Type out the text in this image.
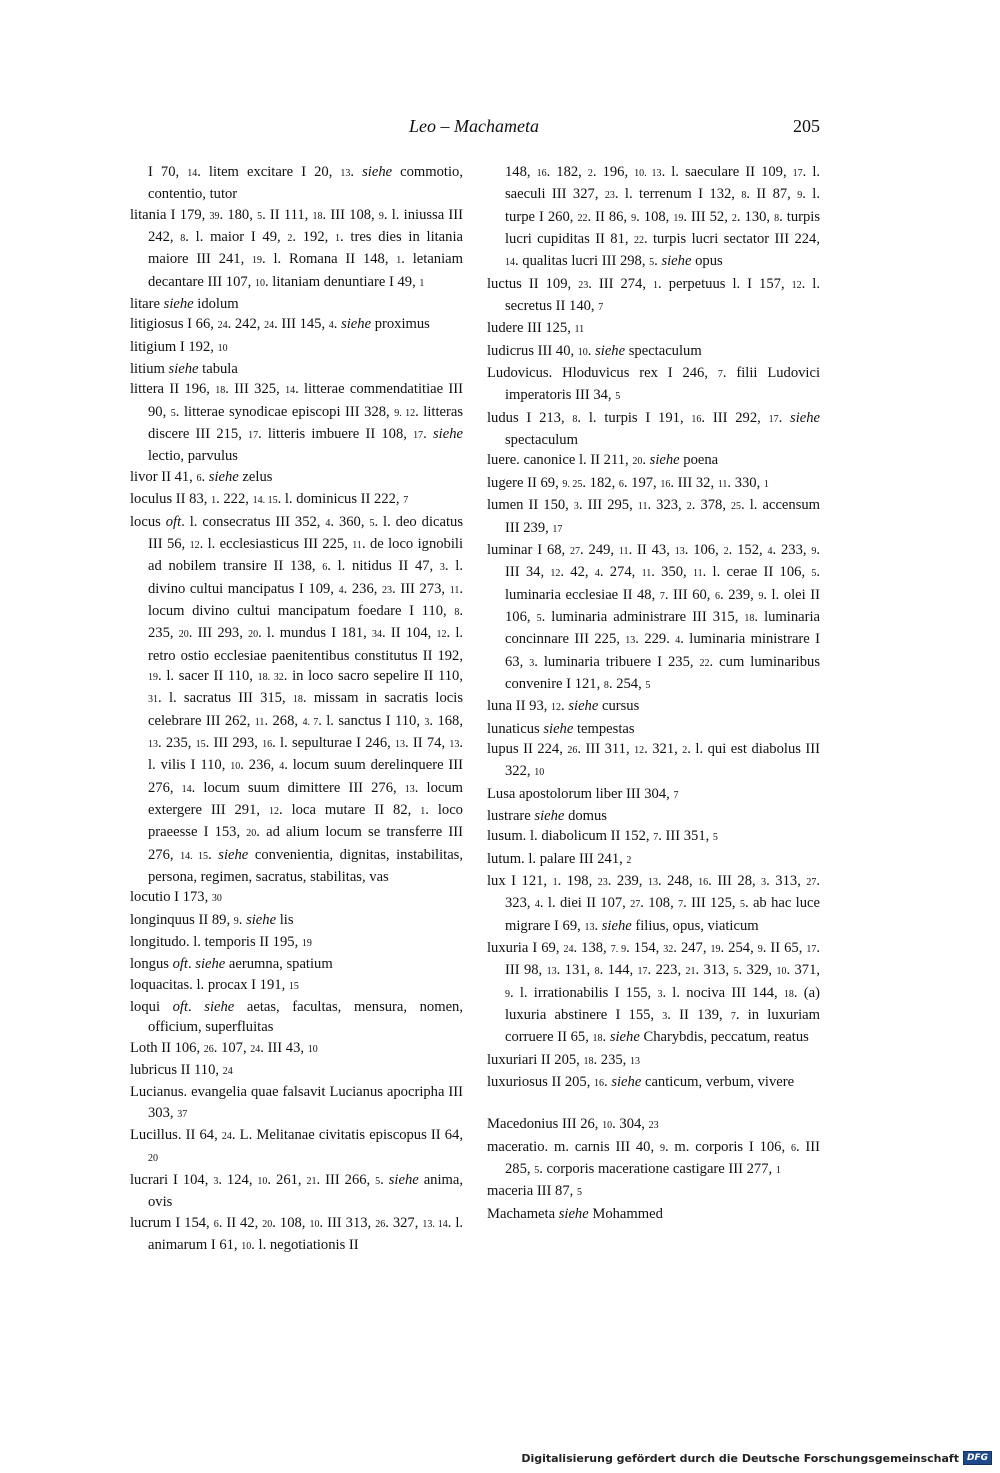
Leo – Machameta	205
I 70, 14. litem excitare I 20, 13. siehe commotio, contentio, tutor
litania I 179, 39. 180, 5. II 111, 18. III 108, 9. l. iniussa III 242, 8. l. maior I 49, 2. 192, 1. tres dies in litania maiore III 241, 19. l. Romana II 148, 1. letaniam decantare III 107, 10. litaniam denuntiare I 49, 1
litare siehe idolum
litigiosus I 66, 24. 242, 24. III 145, 4. siehe proximus
litigium I 192, 10
litium siehe tabula
littera II 196, 18. III 325, 14. litterae commendatitiae III 90, 5. litterae synodicae episcopi III 328, 9. 12. litteras discere III 215, 17. litteris imbuere II 108, 17. siehe lectio, parvulus
livor II 41, 6. siehe zelus
loculus II 83, 1. 222, 14. 15. l. dominicus II 222, 7
locus oft. l. consecratus III 352, 4. 360, 5. l. deo dicatus III 56, 12. l. ecclesiasticus III 225, 11. de loco ignobili ad nobilem transire II 138, 6. l. nitidus II 47, 3. l. divino cultui mancipatus I 109, 4. 236, 23. III 273, 11. locum divino cultui mancipatum foedare I 110, 8. 235, 20. III 293, 20. l. mundus I 181, 34. II 104, 12. l. retro ostio ecclesiae paenitentibus constitutus II 192, 19. l. sacer II 110, 18. 32. in loco sacro sepelire II 110, 31. l. sacratus III 315, 18. missam in sacratis locis celebrare III 262, 11. 268, 4. 7. l. sanctus I 110, 3. 168, 13. 235, 15. III 293, 16. l. sepulturae I 246, 13. II 74, 13. l. vilis I 110, 10. 236, 4. locum suum derelinquere III 276, 14. locum suum dimittere III 276, 13. locum extergere III 291, 12. loca mutare II 82, 1. loco praeesse I 153, 20. ad alium locum se transferre III 276, 14. 15. siehe convenientia, dignitas, instabilitas, persona, regimen, sacratus, stabilitas, vas
locutio I 173, 30
longinquus II 89, 9. siehe lis
longitudo. l. temporis II 195, 19
longus oft. siehe aerumna, spatium
loquacitas. l. procax I 191, 15
loqui oft. siehe aetas, facultas, mensura, nomen, officium, superfluitas
Loth II 106, 26. 107, 24. III 43, 10
lubricus II 110, 24
Lucianus. evangelia quae falsavit Lucianus apocripha III 303, 37
Lucillus. II 64, 24. L. Melitanae civitatis episcopus II 64, 20
lucrari I 104, 3. 124, 10. 261, 21. III 266, 5. siehe anima, ovis
lucrum I 154, 6. II 42, 20. 108, 10. III 313, 26. 327, 13. 14. l. animarum I 61, 10. l. negotiationis II
148, 16. 182, 2. 196, 10. 13. l. saeculare II 109, 17. l. saeculi III 327, 23. l. terrenum I 132, 8. II 87, 9. l. turpe I 260, 22. II 86, 9. 108, 19. III 52, 2. 130, 8. turpis lucri cupiditas II 81, 22. turpis lucri sectator III 224, 14. qualitas lucri III 298, 5. siehe opus
luctus II 109, 23. III 274, 1. perpetuus l. I 157, 12. l. secretus II 140, 7
ludere III 125, 11
ludicrus III 40, 10. siehe spectaculum
Ludovicus. Hloduvicus rex I 246, 7. filii Ludovici imperatoris III 34, 5
ludus I 213, 8. l. turpis I 191, 16. III 292, 17. siehe spectaculum
luere. canonice l. II 211, 20. siehe poena
lugere II 69, 9. 25. 182, 6. 197, 16. III 32, 11. 330, 1
lumen II 150, 3. III 295, 11. 323, 2. 378, 25. l. accensum III 239, 17
luminar I 68, 27. 249, 11. II 43, 13. 106, 2. 152, 4. 233, 9. III 34, 12. 42, 4. 274, 11. 350, 11. l. cerae II 106, 5. luminaria ecclesiae II 48, 7. III 60, 6. 239, 9. l. olei II 106, 5. luminaria administrare III 315, 18. luminaria concinnare III 225, 13. 229. 4. luminaria ministrare I 63, 3. luminaria tribuere I 235, 22. cum luminaribus convenire I 121, 8. 254, 5
luna II 93, 12. siehe cursus
lunaticus siehe tempestas
lupus II 224, 26. III 311, 12. 321, 2. l. qui est diabolus III 322, 10
Lusa apostolorum liber III 304, 7
lustrare siehe domus
lusum. l. diabolicum II 152, 7. III 351, 5
lutum. l. palare III 241, 2
lux I 121, 1. 198, 23. 239, 13. 248, 16. III 28, 3. 313, 27. 323, 4. l. diei II 107, 27. 108, 7. III 125, 5. ab hac luce migrare I 69, 13. siehe filius, opus, viaticum
luxuria I 69, 24. 138, 7. 9. 154, 32. 247, 19. 254, 9. II 65, 17. III 98, 13. 131, 8. 144, 17. 223, 21. 313, 5. 329, 10. 371, 9. l. irrationabilis I 155, 3. l. nociva III 144, 18. (a) luxuria abstinere I 155, 3. II 139, 7. in luxuriam corruere II 65, 18. siehe Charybdis, peccatum, reatus
luxuriari II 205, 18. 235, 13
luxuriosus II 205, 16. siehe canticum, verbum, vivere
Macedonius III 26, 10. 304, 23
maceratio. m. carnis III 40, 9. m. corporis I 106, 6. III 285, 5. corporis maceratione castigare III 277, 1
maceria III 87, 5
Machameta siehe Mohammed
Digitalisierung gefördert durch die Deutsche Forschungsgemeinschaft DFG
